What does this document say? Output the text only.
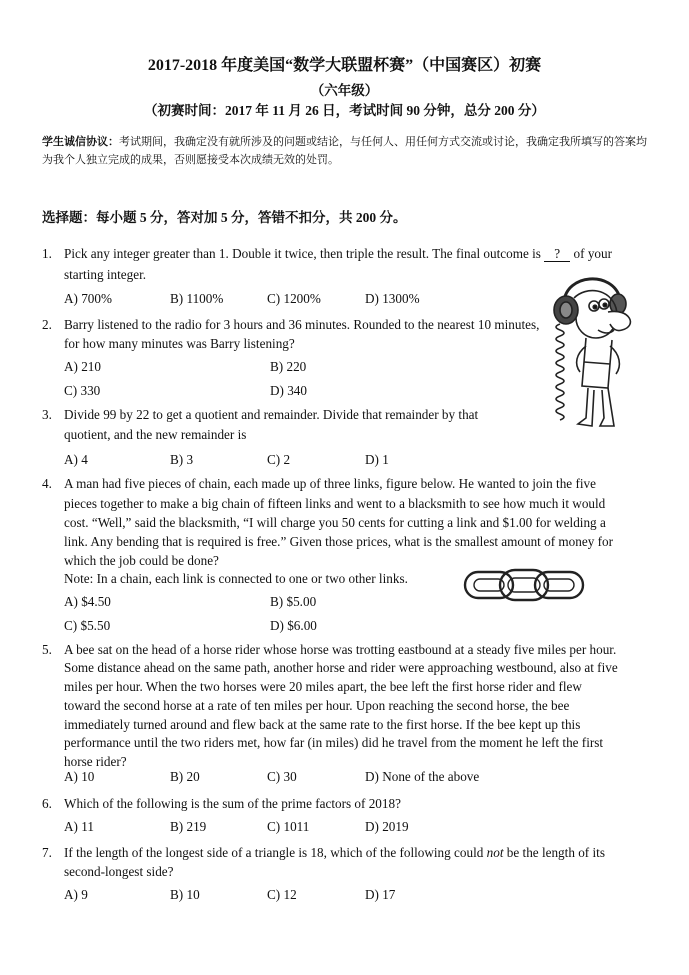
2017-2018 年度美国“数学大联盟杯赛”（中国赛区）初赛
（六年级）
（初赛时间：2017 年 11 月 26 日，考试时间 90 分钟，总分 200 分）
学生诚信协议：考试期间，我确定没有就所涉及的问题或结论，与任何人、用任何方式交流或讨论，我确定我所填写的答案均为我个人独立完成的成果，否则愿接受本次成绩无效的处罚。
选择题：每小题 5 分，答对加 5 分，答错不扣分，共 200 分。
1. Pick any integer greater than 1. Double it twice, then triple the result. The final outcome is ? of your
starting integer.
A) 700%	B) 1100%	C) 1200%	D) 1300%
2. Barry listened to the radio for 3 hours and 36 minutes. Rounded to the nearest 10 minutes,
for how many minutes was Barry listening?
A) 210	B) 220
C) 330	D) 340
3. Divide 99 by 22 to get a quotient and remainder. Divide that remainder by that
quotient, and the new remainder is
A) 4	B) 3	C) 2	D) 1
4. A man had five pieces of chain, each made up of three links, figure below. He wanted to join the five
pieces together to make a big chain of fifteen links and went to a blacksmith to see how much it would
cost. “Well,” said the blacksmith, “I will charge you 50 cents for cutting a link and $1.00 for welding a
link. Any bending that is required is free.” Given those prices, what is the smallest amount of money for
which the job could be done?
Note: In a chain, each link is connected to one or two other links.
A) $4.50	B) $5.00
C) $5.50	D) $6.00
5. A bee sat on the head of a horse rider whose horse was trotting eastbound at a steady five miles per hour.
Some distance ahead on the same path, another horse and rider were approaching westbound, also at five
miles per hour. When the two horses were 20 miles apart, the bee left the first horse rider and flew
toward the second horse at a rate of ten miles per hour. Upon reaching the second horse, the bee
immediately turned around and flew back at the same rate to the first horse. If the bee kept up this
performance until the two riders met, how far (in miles) did he travel from the moment he left the first
horse rider?
A) 10	B) 20	C) 30	D) None of the above
6. Which of the following is the sum of the prime factors of 2018?
A) 11	B) 219	C) 1011	D) 2019
7. If the length of the longest side of a triangle is 18, which of the following could not be the length of its
second-longest side?
A) 9	B) 10	C) 12	D) 17
